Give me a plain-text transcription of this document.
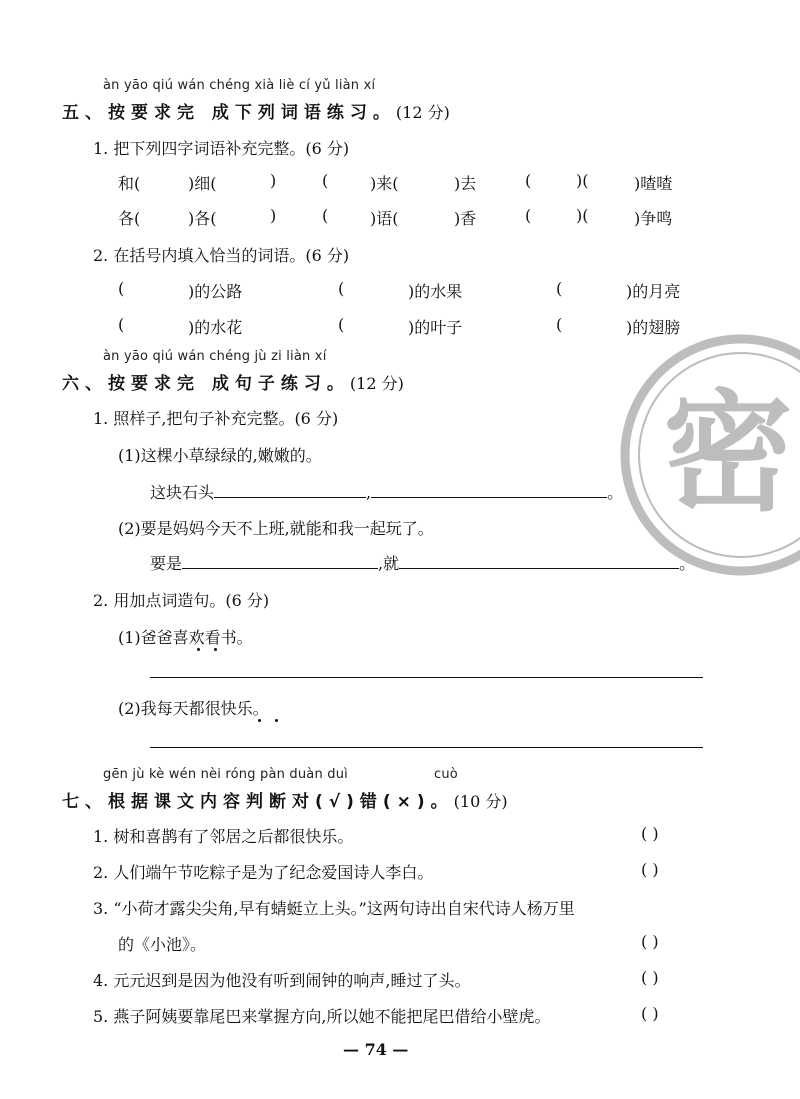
àn yāo qiú wán chéng xià liè cí yǔ liàn xí
五、按要求完 成下列词语练习。(12 分)
1. 把下列四字词语补充完整。(6 分)
和(	)细(	)	(	)来(	)去	(	)(	)喳喳
各(	)各(	)	(	)语(	)香	(	)(	)争鸣
2. 在括号内填入恰当的词语。(6 分)
(	)的公路	(	)的水果	(	)的月亮
(	)的水花	(	)的叶子	(	)的翅膀
密
àn yāo qiú wán chéng jù zi liàn xí
六、按要求完 成句子练习。(12 分)
1. 照样子,把句子补充完整。(6 分)
(1)这棵小草绿绿的,嫩嫩的。
这块石头	,	。
(2)要是妈妈今天不上班,就能和我一起玩了。
要是	,就	。
2. 用加点词造句。(6 分)
(1)爸爸喜欢看书。
(2)我每天都很快乐。
gēn jù kè wén nèi róng pàn duàn duì	cuò
七、根据课文内容判断对(√)错(×)。(10 分)
1. 树和喜鹊有了邻居之后都很快乐。	( )
2. 人们端午节吃粽子是为了纪念爱国诗人李白。	( )
3. “小荷才露尖尖角,早有蜻蜓立上头。”这两句诗出自宋代诗人杨万里
的《小池》。	( )
4. 元元迟到是因为他没有听到闹钟的响声,睡过了头。	( )
5. 燕子阿姨要靠尾巴来掌握方向,所以她不能把尾巴借给小壁虎。	( )
— 74 —
